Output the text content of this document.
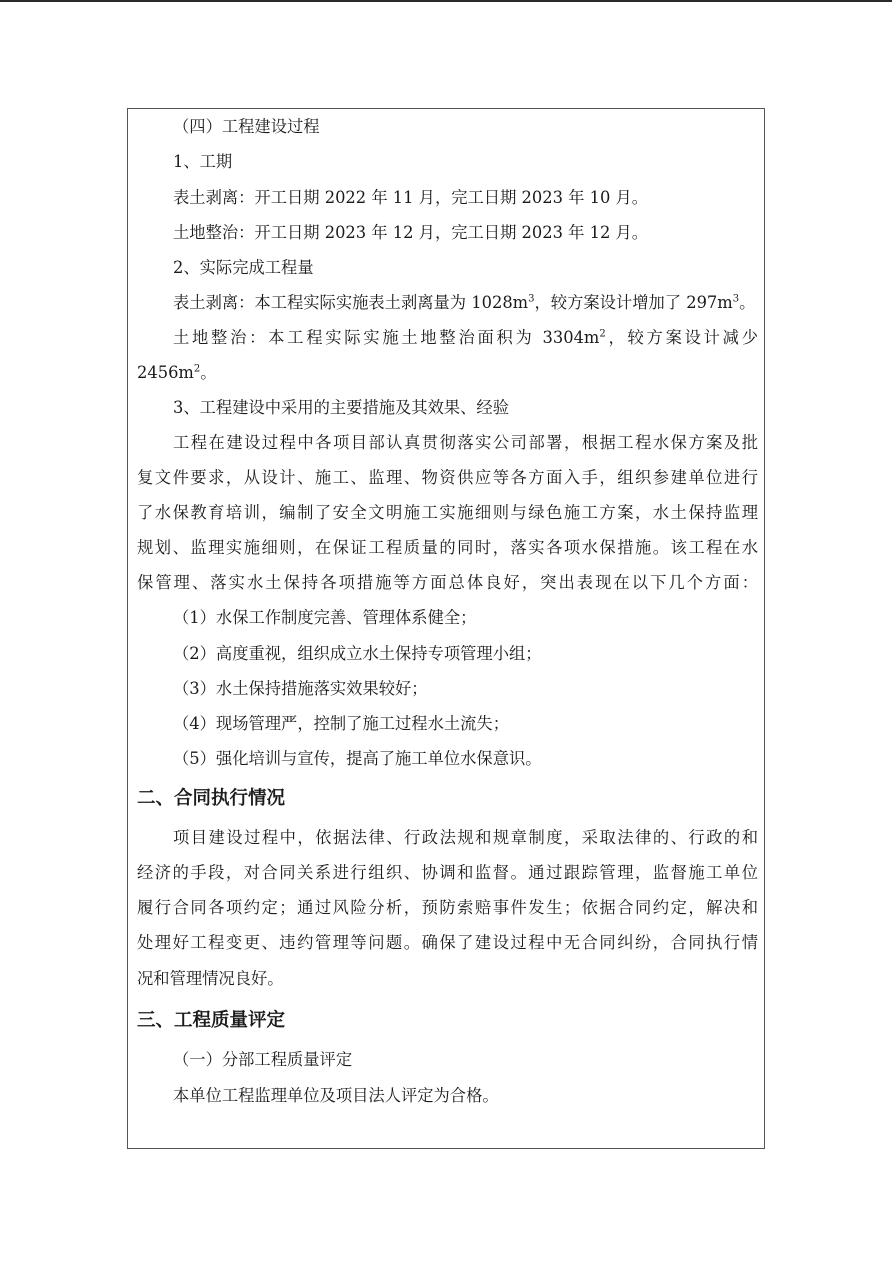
（四）工程建设过程
1、工期
表土剥离：开工日期 2022 年 11 月，完工日期 2023 年 10 月。
土地整治：开工日期 2023 年 12 月，完工日期 2023 年 12 月。
2、实际完成工程量
表土剥离：本工程实际实施表土剥离量为 $1028m^3$，较方案设计增加了 $297m^3$。
土地整治：本工程实际实施土地整治面积为 $3304m^2$，较方案设计减少
$2456m^2$。
3、工程建设中采用的主要措施及其效果、经验
工程在建设过程中各项目部认真贯彻落实公司部署，根据工程水保方案及批
复文件要求，从设计、施工、监理、物资供应等各方面入手，组织参建单位进行
了水保教育培训，编制了安全文明施工实施细则与绿色施工方案，水土保持监理
规划、监理实施细则，在保证工程质量的同时，落实各项水保措施。该工程在水
保管理、落实水土保持各项措施等方面总体良好，突出表现在以下几个方面：
（1）水保工作制度完善、管理体系健全；
（2）高度重视，组织成立水土保持专项管理小组；
（3）水土保持措施落实效果较好；
（4）现场管理严，控制了施工过程水土流失；
（5）强化培训与宣传，提高了施工单位水保意识。
二、合同执行情况
项目建设过程中，依据法律、行政法规和规章制度，采取法律的、行政的和
经济的手段，对合同关系进行组织、协调和监督。通过跟踪管理，监督施工单位
履行合同各项约定；通过风险分析，预防索赔事件发生；依据合同约定，解决和
处理好工程变更、违约管理等问题。确保了建设过程中无合同纠纷，合同执行情
况和管理情况良好。
三、工程质量评定
（一）分部工程质量评定
本单位工程监理单位及项目法人评定为合格。
